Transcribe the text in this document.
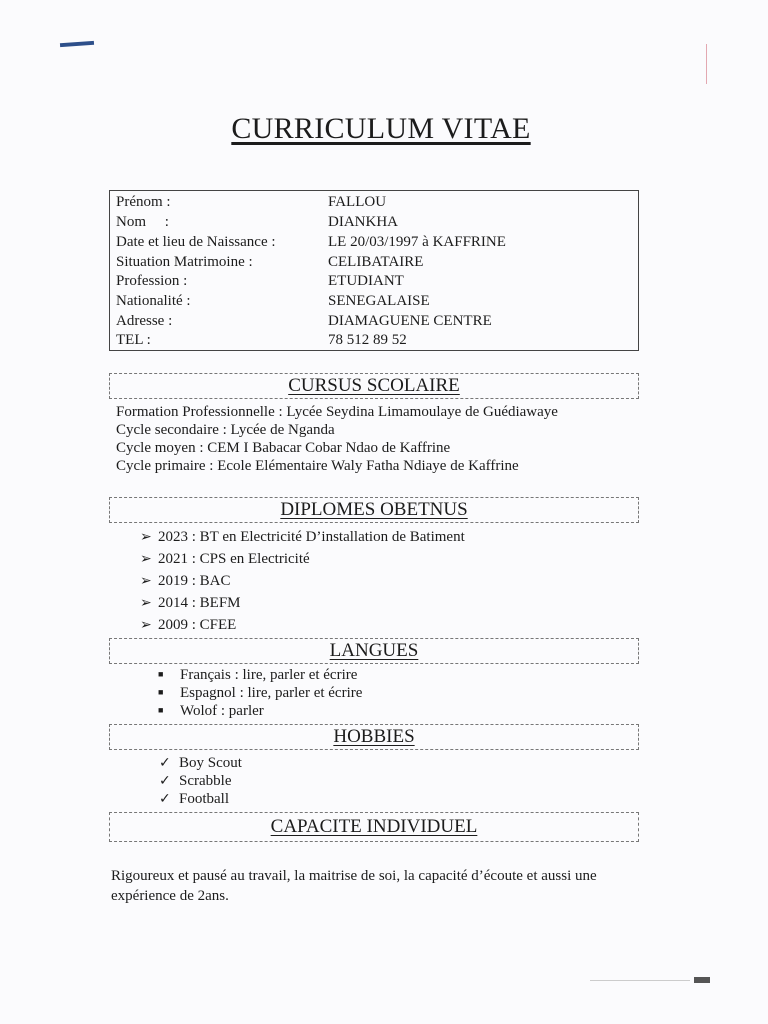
CURRICULUM VITAE
Prénom :	FALLOU
Nom     :	DIANKHA
Date et lieu de Naissance :	LE 20/03/1997 à KAFFRINE
Situation Matrimoine :	CELIBATAIRE
Profession :	ETUDIANT
Nationalité :	SENEGALAISE
Adresse :	DIAMAGUENE CENTRE
TEL :	78 512 89 52
CURSUS SCOLAIRE
Formation Professionnelle : Lycée Seydina Limamoulaye de Guédiawaye
Cycle secondaire : Lycée de Nganda
Cycle moyen : CEM I Babacar Cobar Ndao de Kaffrine
Cycle primaire : Ecole Elémentaire Waly Fatha Ndiaye de Kaffrine
DIPLOMES OBETNUS
➢ 2023 : BT en Electricité D’installation de Batiment
➢ 2021 : CPS en Electricité
➢ 2019 : BAC
➢ 2014 : BEFM
➢ 2009 : CFEE
LANGUES
■ Français : lire, parler et écrire
■ Espagnol : lire, parler et écrire
■ Wolof : parler
HOBBIES
✓ Boy Scout
✓ Scrabble
✓ Football
CAPACITE INDIVIDUEL
Rigoureux et pausé au travail, la maitrise de soi, la capacité d’écoute et aussi une
expérience de 2ans.
